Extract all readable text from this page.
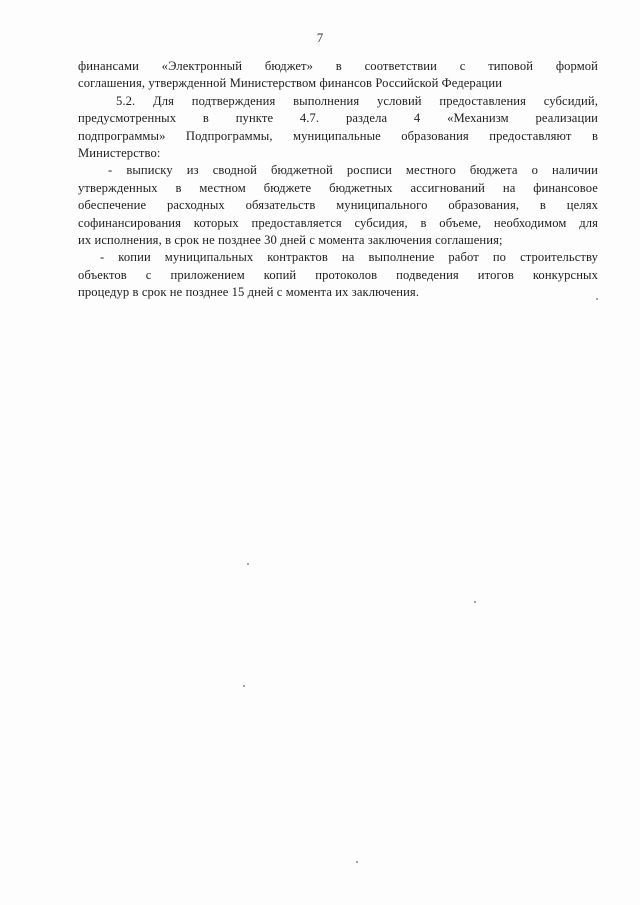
7
финансами «Электронный бюджет» в соответствии с типовой формой
соглашения, утвержденной Министерством финансов Российской Федерации
5.2. Для подтверждения выполнения условий предоставления субсидий,
предусмотренных в пункте 4.7. раздела 4 «Механизм реализации
подпрограммы» Подпрограммы, муниципальные образования предоставляют в
Министерство:
- выписку из сводной бюджетной росписи местного бюджета о наличии
утвержденных в местном бюджете бюджетных ассигнований на финансовое
обеспечение расходных обязательств муниципального образования, в целях
софинансирования которых предоставляется субсидия, в объеме, необходимом для
их исполнения, в срок не позднее 30 дней с момента заключения соглашения;
- копии муниципальных контрактов на выполнение работ по строительству
объектов с приложением копий протоколов подведения итогов конкурсных
процедур в срок не позднее 15 дней с момента их заключения.
